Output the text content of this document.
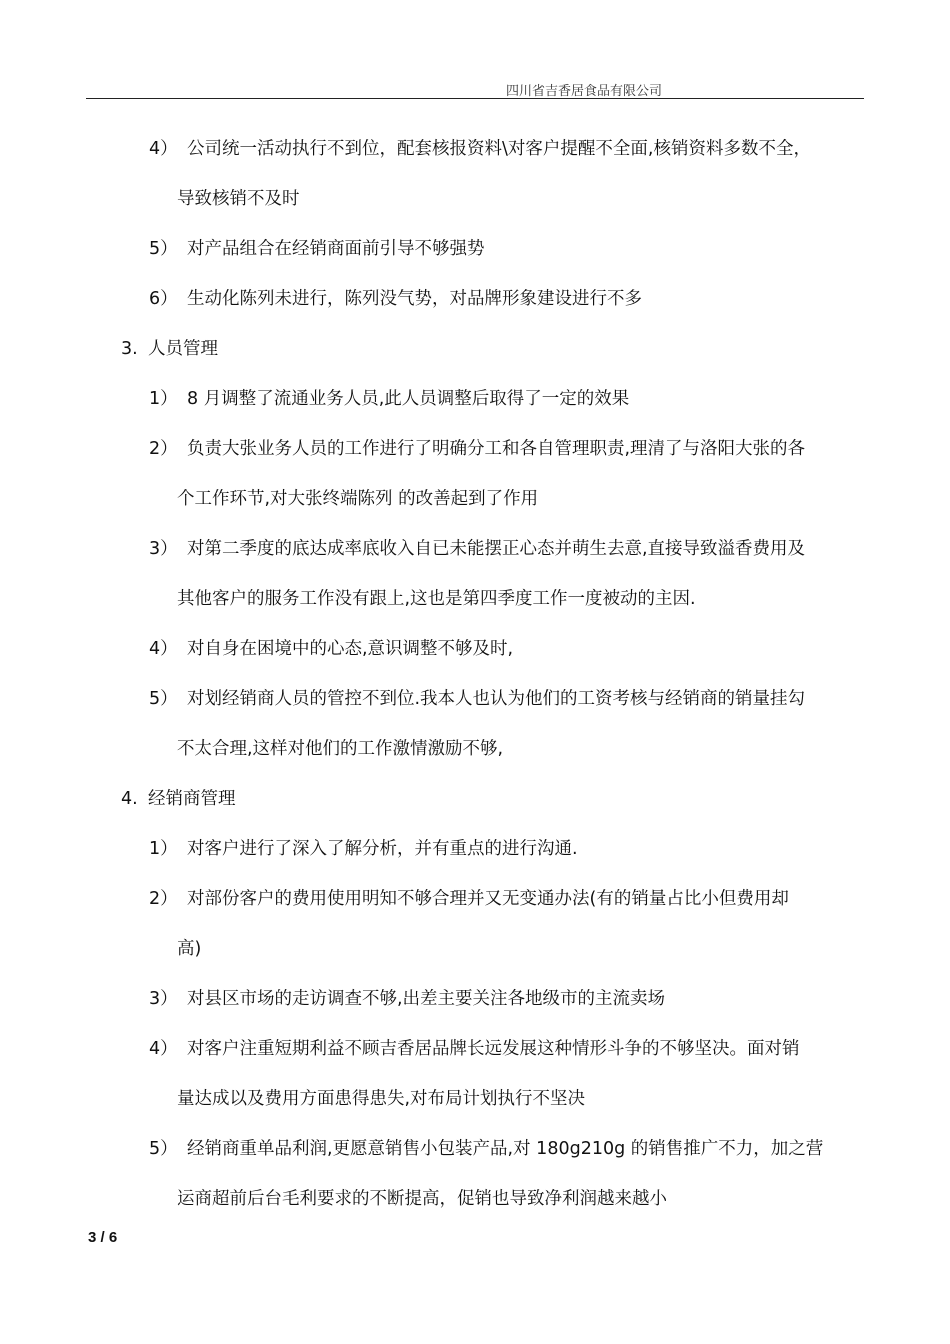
四川省吉香居食品有限公司
4） 公司统一活动执行不到位，配套核报资料\对客户提醒不全面,核销资料多数不全，
导致核销不及时
5） 对产品组合在经销商面前引导不够强势
6） 生动化陈列未进行，陈列没气势，对品牌形象建设进行不多
3. 人员管理
1） 8 月调整了流通业务人员,此人员调整后取得了一定的效果
2） 负责大张业务人员的工作进行了明确分工和各自管理职责,理清了与洛阳大张的各
个工作环节,对大张终端陈列 的改善起到了作用
3） 对第二季度的底达成率底收入自已未能摆正心态并萌生去意,直接导致溢香费用及
其他客户的服务工作没有跟上,这也是第四季度工作一度被动的主因.
4） 对自身在困境中的心态,意识调整不够及时,
5） 对划经销商人员的管控不到位.我本人也认为他们的工资考核与经销商的销量挂勾
不太合理,这样对他们的工作激情激励不够,
4. 经销商管理
1） 对客户进行了深入了解分析，并有重点的进行沟通.
2） 对部份客户的费用使用明知不够合理并又无变通办法(有的销量占比小但费用却
高)
3） 对县区市场的走访调查不够,出差主要关注各地级市的主流卖场
4） 对客户注重短期利益不顾吉香居品牌长远发展这种情形斗争的不够坚决。面对销
量达成以及费用方面患得患失,对布局计划执行不坚决
5） 经销商重单品利润,更愿意销售小包装产品,对 180g210g 的销售推广不力，加之营
运商超前后台毛利要求的不断提高，促销也导致净利润越来越小
3 / 6
